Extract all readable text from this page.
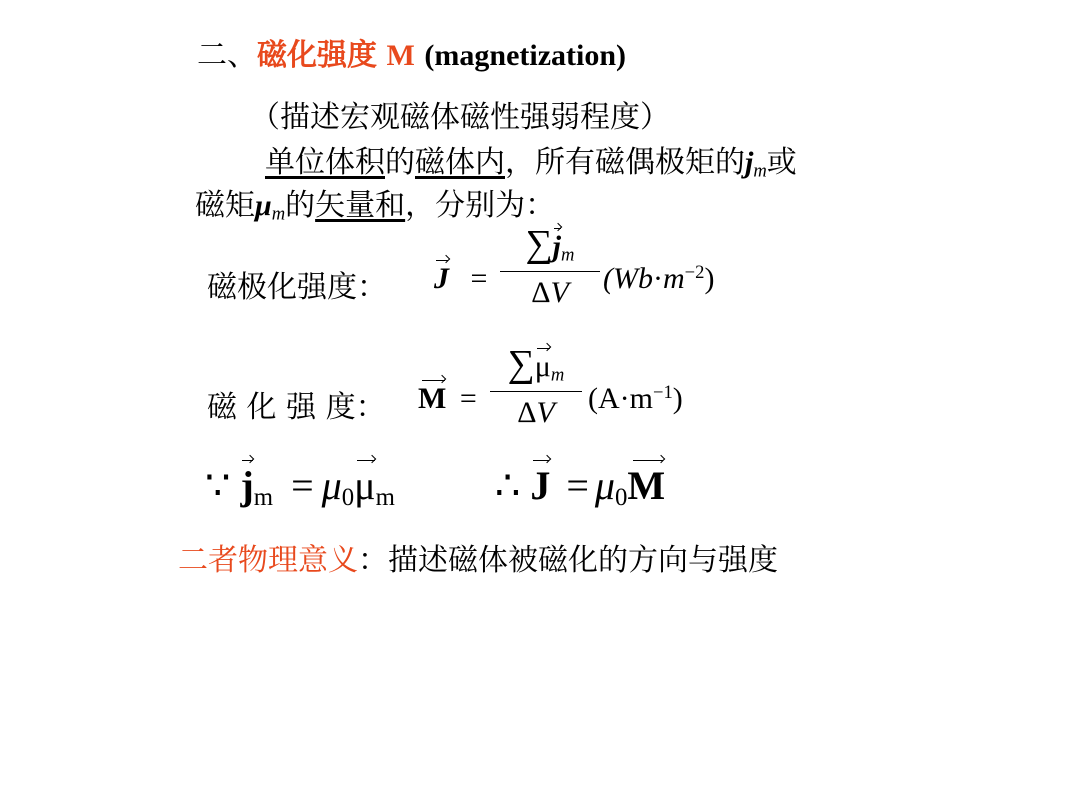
二、磁化强度 M (magnetization)
（描述宏观磁体磁性强弱程度）
单位体积的磁体内，所有磁偶极矩的$j_m$或
磁矩$\mu_m$的矢量和，分别为：
磁极化强度： J =
$\sum j_m$
ΔV	$(Wb\cdot m^{-2})$
磁 化 强 度： M =
$\sum\mu_m$
ΔV	$(A\cdot m^{-1})$
∵ $j_m = \mu_0\mu_m$	∴ $J = \mu_0M$
二者物理意义：描述磁体被磁化的方向与强度
